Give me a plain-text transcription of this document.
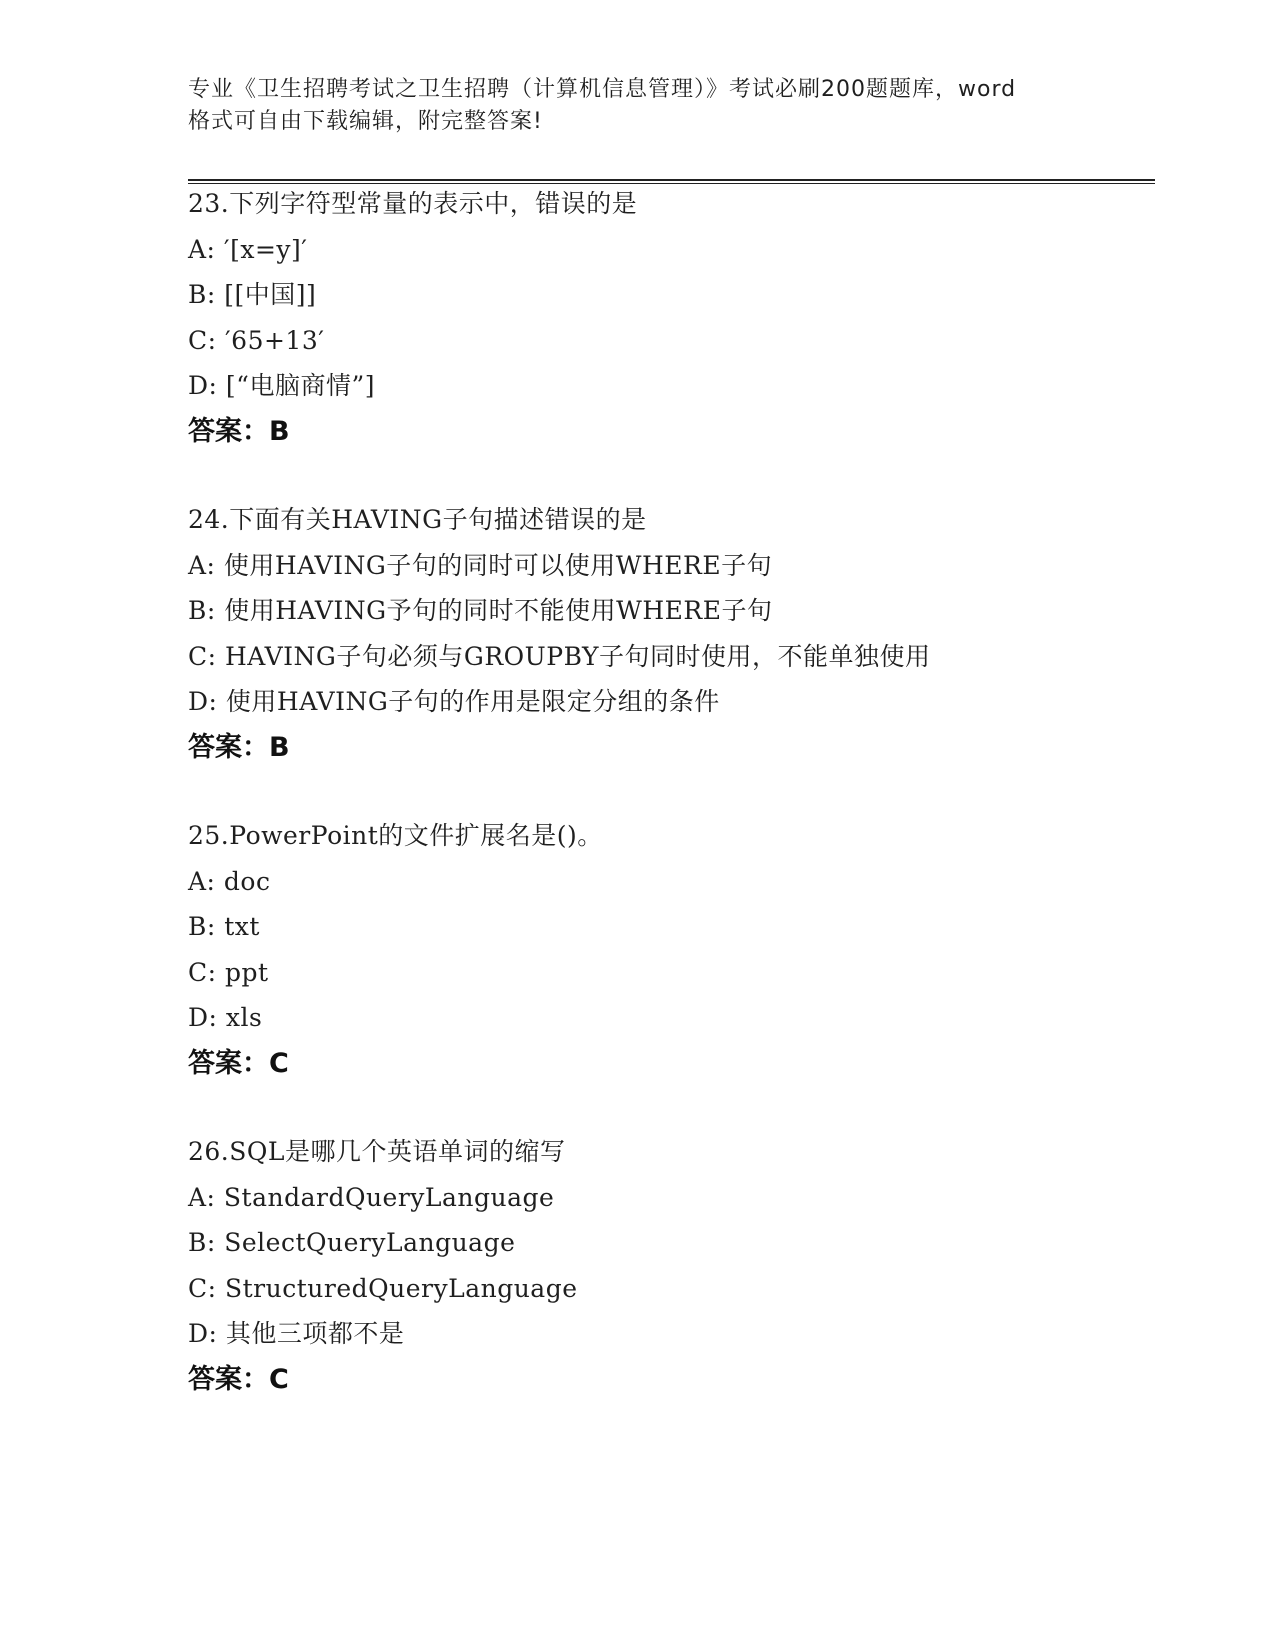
专业《卫生招聘考试之卫生招聘（计算机信息管理）》考试必刷200题题库，word
格式可自由下载编辑，附完整答案!
23.下列字符型常量的表示中，错误的是
A: ′[x=y]′
B: [[中国]]
C: ′65+13′
D: [“电脑商情”]
答案：B
24.下面有关HAVING子句描述错误的是
A: 使用HAVING子句的同时可以使用WHERE子句
B: 使用HAVING予句的同时不能使用WHERE子句
C: HAVING子句必须与GROUPBY子句同时使用，不能单独使用
D: 使用HAVING子句的作用是限定分组的条件
答案：B
25.PowerPoint的文件扩展名是()。
A: doc
B: txt
C: ppt
D: xls
答案：C
26.SQL是哪几个英语单词的缩写
A: StandardQueryLanguage
B: SelectQueryLanguage
C: StructuredQueryLanguage
D: 其他三项都不是
答案：C
